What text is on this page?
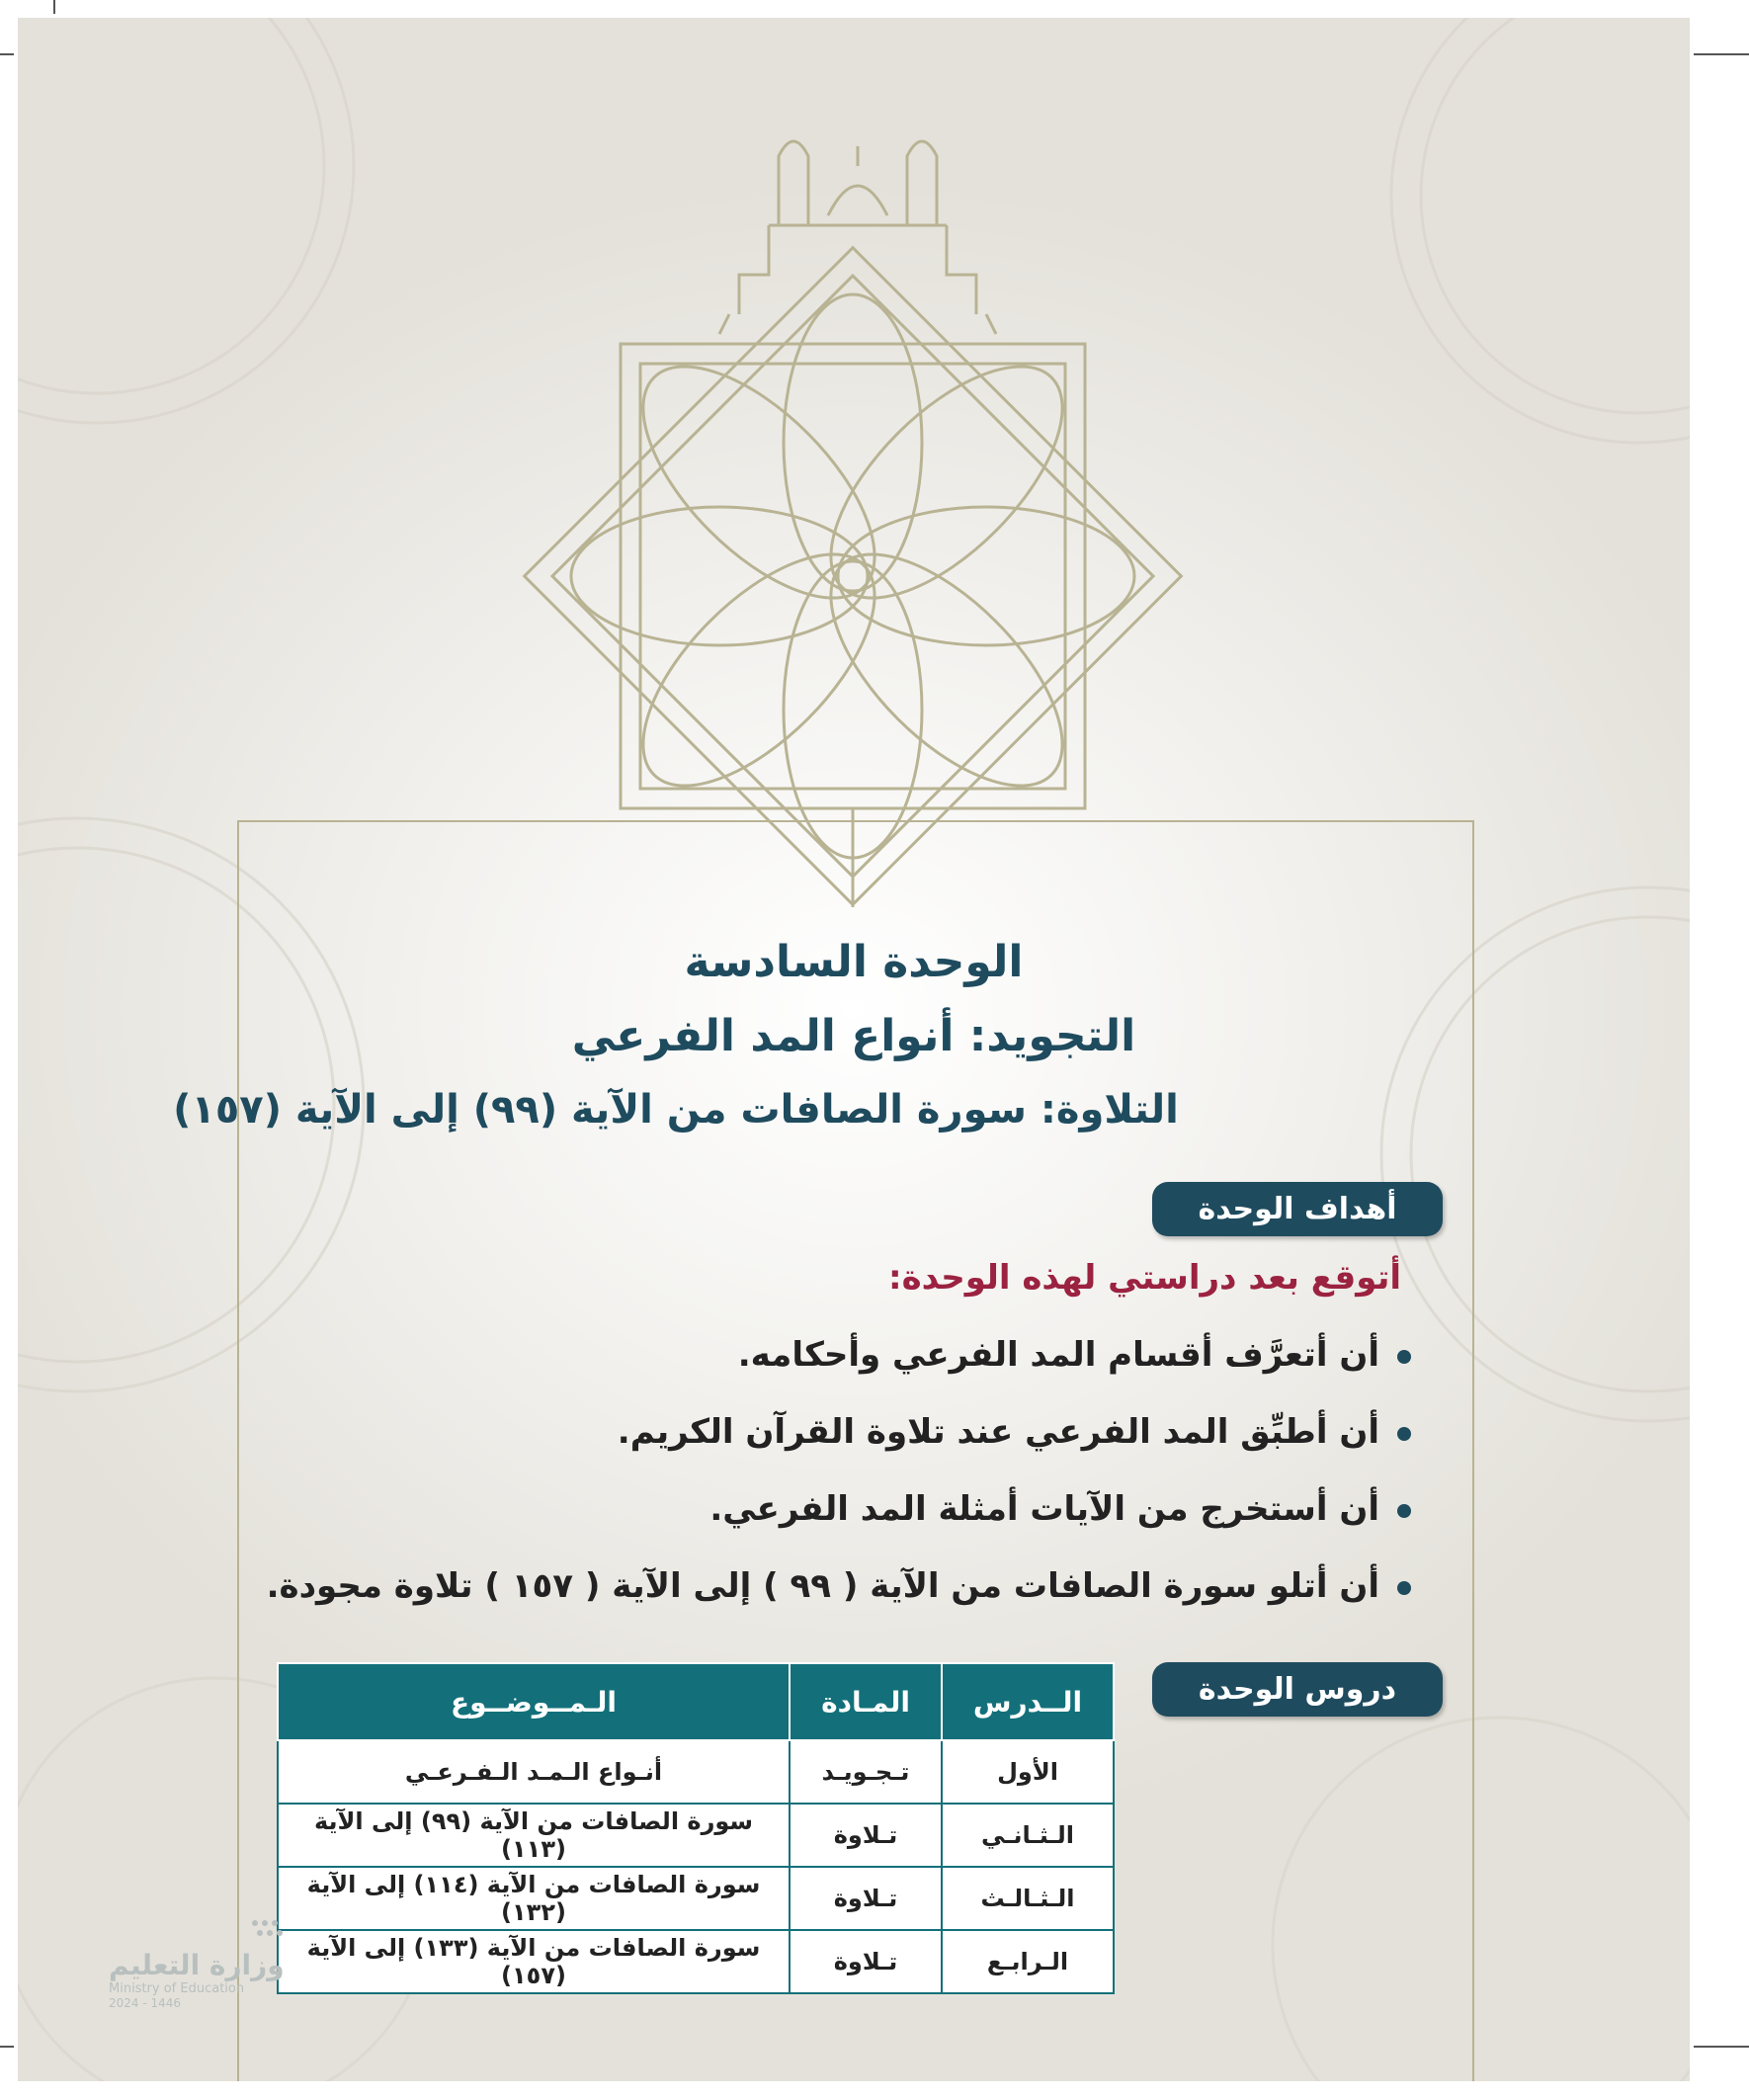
الوحدة السادسة
التجويد: أنواع المد الفرعي
التلاوة: سورة الصافات من الآية (٩٩) إلى الآية (١٥٧)
أهداف الوحدة
أتوقع بعد دراستي لهذه الوحدة:
أن أتعرَّف أقسام المد الفرعي وأحكامه.
أن أطبِّق المد الفرعي عند تلاوة القرآن الكريم.
أن أستخرج من الآيات أمثلة المد الفرعي.
أن أتلو سورة الصافات من الآية ( ٩٩ ) إلى الآية ( ١٥٧ ) تلاوة مجودة.
دروس الوحدة
الــدرس	المـادة	الـمــوضــوع
الأول	تـجـويـد	أنـواع الـمـد الـفـرعـي
الـثـانـي	تـلاوة	سورة الصافات من الآية (٩٩) إلى الآية (١١٣)
الـثـالـث	تـلاوة	سورة الصافات من الآية (١١٤) إلى الآية (١٣٢)
الـرابـع	تـلاوة	سورة الصافات من الآية (١٣٣) إلى الآية (١٥٧)
وزارة التعليم
Ministry of Education
2024 - 1446
